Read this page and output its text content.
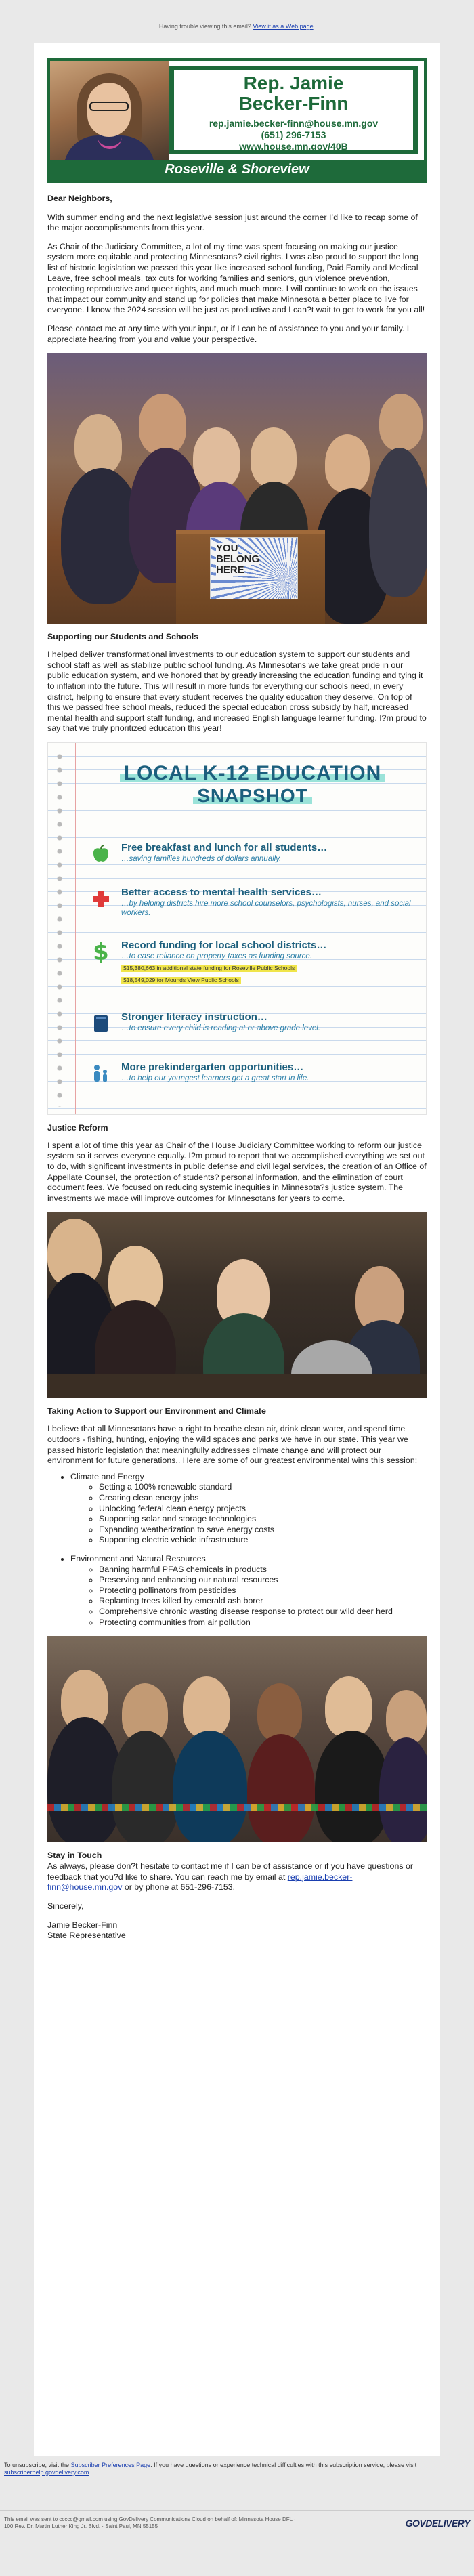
Having trouble viewing this email? View it as a Web page.
Rep. Jamie
Becker-Finn
rep.jamie.becker-finn@house.mn.gov
(651) 296-7153
www.house.mn.gov/40B
Roseville & Shoreview

Dear Neighbors,

With summer ending and the next legislative session just around the corner I’d like to recap some of the major accomplishments from this year.

As Chair of the Judiciary Committee, a lot of my time was spent focusing on making our justice system more equitable and protecting Minnesotans? civil rights. I was also proud to support the long list of historic legislation we passed this year like increased school funding, Paid Family and Medical Leave, free school meals, tax cuts for working families and seniors, gun violence prevention, protecting reproductive and queer rights, and much much more. I will continue to work on the issues that impact our community and stand up for policies that make Minnesota a better place to live for everyone. I know the 2024 session will be just as productive and I can?t wait to get to work for you all!

Please contact me at any time with your input, or if I can be of assistance to you and your family. I appreciate hearing from you and value your perspective.

YOU
BELONG
HERE
Supporting our Students and Schools

I helped deliver transformational investments to our education system to support our students and school staff as well as stabilize public school funding. As Minnesotans we take great pride in our public education system, and we honored that by greatly increasing the education funding and tying it to inflation into the future. This will result in more funds for everything our schools need, in every district, helping to ensure that every student receives the quality education they deserve. On top of this we passed free school meals, reduced the special education cross subsidy by half, increased mental health and support staff funding, and increased English language learner funding. I?m proud to say that we truly prioritized education this year!

LOCAL K-12 EDUCATION
SNAPSHOT
Free breakfast and lunch for all students…
…saving families hundreds of dollars annually.
Better access to mental health services…
…by helping districts hire more school counselors, psychologists, nurses, and social workers.
$ Record funding for local school districts…
…to ease reliance on property taxes as funding source.
$15,380,663 in additional state funding for Roseville Public Schools
$18,549,029 for Mounds View Public Schools
Stronger literacy instruction…
…to ensure every child is reading at or above grade level.
More prekindergarten opportunities…
…to help our youngest learners get a great start in life.
Justice Reform

I spent a lot of time this year as Chair of the House Judiciary Committee working to reform our justice system so it serves everyone equally. I?m proud to report that we accomplished everything we set out to do, with significant investments in public defense and civil legal services, the creation of an Office of Appellate Counsel, the protection of students? personal information, and the elimination of court document fees. We focused on reducing systemic inequities in Minnesota?s justice system. The investments we made will improve outcomes for Minnesotans for years to come.

Taking Action to Support our Environment and Climate

I believe that all Minnesotans have a right to breathe clean air, drink clean water, and spend time outdoors - fishing, hunting, enjoying the wild spaces and parks we have in our state. This year we passed historic legislation that meaningfully addresses climate change and will protect our environment for future generations.. Here are some of our greatest environmental wins this session:

• Climate and Energy
◦ Setting a 100% renewable standard
◦ Creating clean energy jobs
◦ Unlocking federal clean energy projects
◦ Supporting solar and storage technologies
◦ Expanding weatherization to save energy costs
◦ Supporting electric vehicle infrastructure
• Environment and Natural Resources
◦ Banning harmful PFAS chemicals in products
◦ Preserving and enhancing our natural resources
◦ Protecting pollinators from pesticides
◦ Replanting trees killed by emerald ash borer
◦ Comprehensive chronic wasting disease response to protect our wild deer herd
◦ Protecting communities from air pollution
Stay in Touch

As always, please don?t hesitate to contact me if I can be of assistance or if you have questions or feedback that you?d like to share. You can reach me by email at rep.jamie.becker-finn@house.mn.gov or by phone at 651-296-7153.

Sincerely,

Jamie Becker-Finn

State Representative

To unsubscribe, visit the Subscriber Preferences Page. If you have questions or experience technical difficulties with this subscription service, please visit subscriberhelp.govdelivery.com.
This email was sent to ccccc@gmail.com using GovDelivery Communications Cloud on behalf of: Minnesota House DFL · 100 Rev. Dr. Martin Luther King Jr. Blvd. · Saint Paul, MN 55155	GOVDELIVERY
